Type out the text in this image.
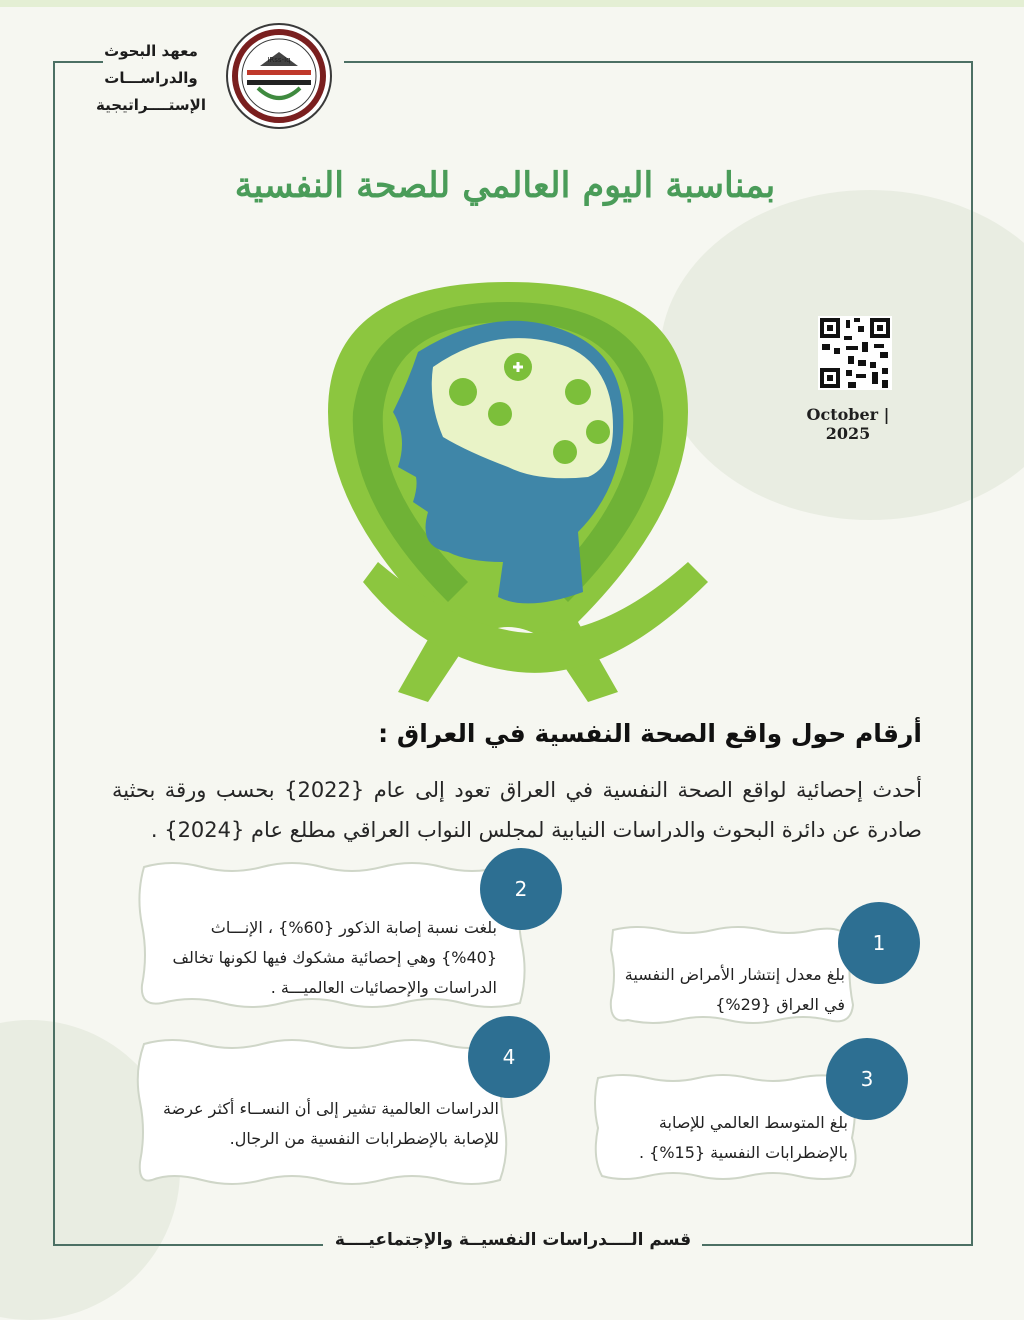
معهد البحوث
والدراســـات
الإستــــراتيجية
IRss-Iq
بمناسبة اليوم العالمي للصحة النفسية
October | 2025
أرقام حول واقع الصحة النفسية في العراق :
أحدث إحصائية لواقع الصحة النفسية في العراق تعود إلى عام {2022} بحسب ورقة بحثية صادرة عن دائرة البحوث والدراسات النيابية لمجلس النواب العراقي مطلع عام {2024} .
بلغت نسبة إصابة الذكور {60%} ، الإنـــاث {40%} وهي إحصائية مشكوك فيها لكونها تخالف الدراسات والإحصائيات العالميـــة .
2
بلغ معدل إنتشار الأمراض النفسية في العراق {29%}
1
الدراسات العالمية تشير إلى أن النســاء أكثر عرضة للإصابة بالإضطرابات النفسية من الرجال.
4
بلغ المتوسط العالمي للإصابة بالإضطرابات النفسية {15%} .
3
قسم الــــدراسات النفسيــة والإجتماعيــــة
